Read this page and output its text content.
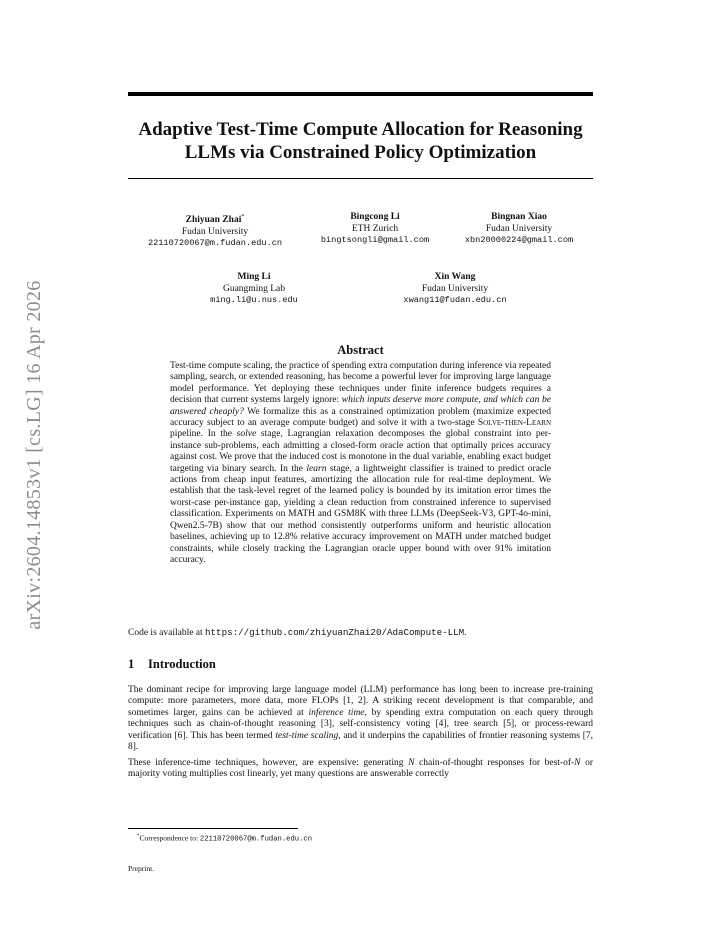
arXiv:2604.14853v1 [cs.LG] 16 Apr 2026
Adaptive Test-Time Compute Allocation for Reasoning LLMs via Constrained Policy Optimization
Zhiyuan Zhai*
Fudan University
22110720067@m.fudan.edu.cn
Bingcong Li
ETH Zurich
bingtsongli@gmail.com
Bingnan Xiao
Fudan University
xbn20000224@gmail.com
Ming Li
Guangming Lab
ming.li@u.nus.edu
Xin Wang
Fudan University
xwang11@fudan.edu.cn
Abstract

Test-time compute scaling, the practice of spending extra computation during inference via repeated sampling, search, or extended reasoning, has become a powerful lever for improving large language model performance. Yet deploying these techniques under finite inference budgets requires a decision that current systems largely ignore: which inputs deserve more compute, and which can be answered cheaply? We formalize this as a constrained optimization problem (maximize expected accuracy subject to an average compute budget) and solve it with a two-stage Solve-then-Learn pipeline. In the solve stage, Lagrangian relaxation decomposes the global constraint into per-instance sub-problems, each admitting a closed-form oracle action that optimally prices accuracy against cost. We prove that the induced cost is monotone in the dual variable, enabling exact budget targeting via binary search. In the learn stage, a lightweight classifier is trained to predict oracle actions from cheap input features, amortizing the allocation rule for real-time deployment. We establish that the task-level regret of the learned policy is bounded by its imitation error times the worst-case per-instance gap, yielding a clean reduction from constrained inference to supervised classification. Experiments on MATH and GSM8K with three LLMs (DeepSeek-V3, GPT-4o-mini, Qwen2.5-7B) show that our method consistently outperforms uniform and heuristic allocation baselines, achieving up to 12.8% relative accuracy improvement on MATH under matched budget constraints, while closely tracking the Lagrangian oracle upper bound with over 91% imitation accuracy.

Code is available at https://github.com/zhiyuanZhai20/AdaCompute-LLM.

1 Introduction

The dominant recipe for improving large language model (LLM) performance has long been to increase pre-training compute: more parameters, more data, more FLOPs [1, 2]. A striking recent development is that comparable, and sometimes larger, gains can be achieved at inference time, by spending extra computation on each query through techniques such as chain-of-thought reasoning [3], self-consistency voting [4], tree search [5], or process-reward verification [6]. This has been termed test-time scaling, and it underpins the capabilities of frontier reasoning systems [7, 8].

These inference-time techniques, however, are expensive: generating N chain-of-thought responses for best-of-N or majority voting multiplies cost linearly, yet many questions are answerable correctly

*Correspondence to: 22110720067@m.fudan.edu.cn

Preprint.
